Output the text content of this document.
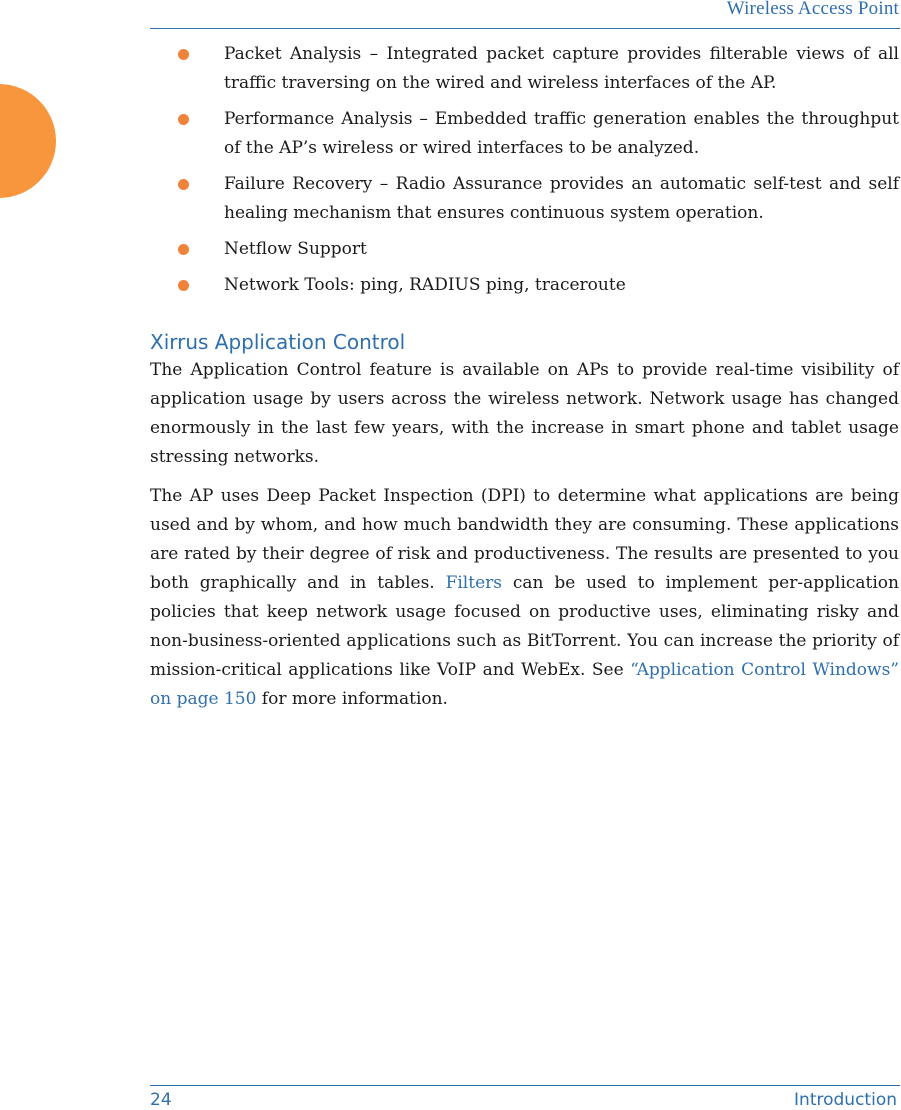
Wireless Access Point
Packet Analysis – Integrated packet capture provides filterable views of all traffic traversing on the wired and wireless interfaces of the AP.
Performance Analysis – Embedded traffic generation enables the throughput of the AP’s wireless or wired interfaces to be analyzed.
Failure Recovery – Radio Assurance provides an automatic self-test and self healing mechanism that ensures continuous system operation.
Netflow Support
Network Tools: ping, RADIUS ping, traceroute
Xirrus Application Control

The Application Control feature is available on APs to provide real-time visibility of application usage by users across the wireless network. Network usage has changed enormously in the last few years, with the increase in smart phone and tablet usage stressing networks.

The AP uses Deep Packet Inspection (DPI) to determine what applications are being used and by whom, and how much bandwidth they are consuming. These applications are rated by their degree of risk and productiveness. The results are presented to you both graphically and in tables. Filters can be used to implement per-application policies that keep network usage focused on productive uses, eliminating risky and non-business-oriented applications such as BitTorrent. You can increase the priority of mission-critical applications like VoIP and WebEx. See “Application Control Windows” on page 150 for more information.

24	Introduction
